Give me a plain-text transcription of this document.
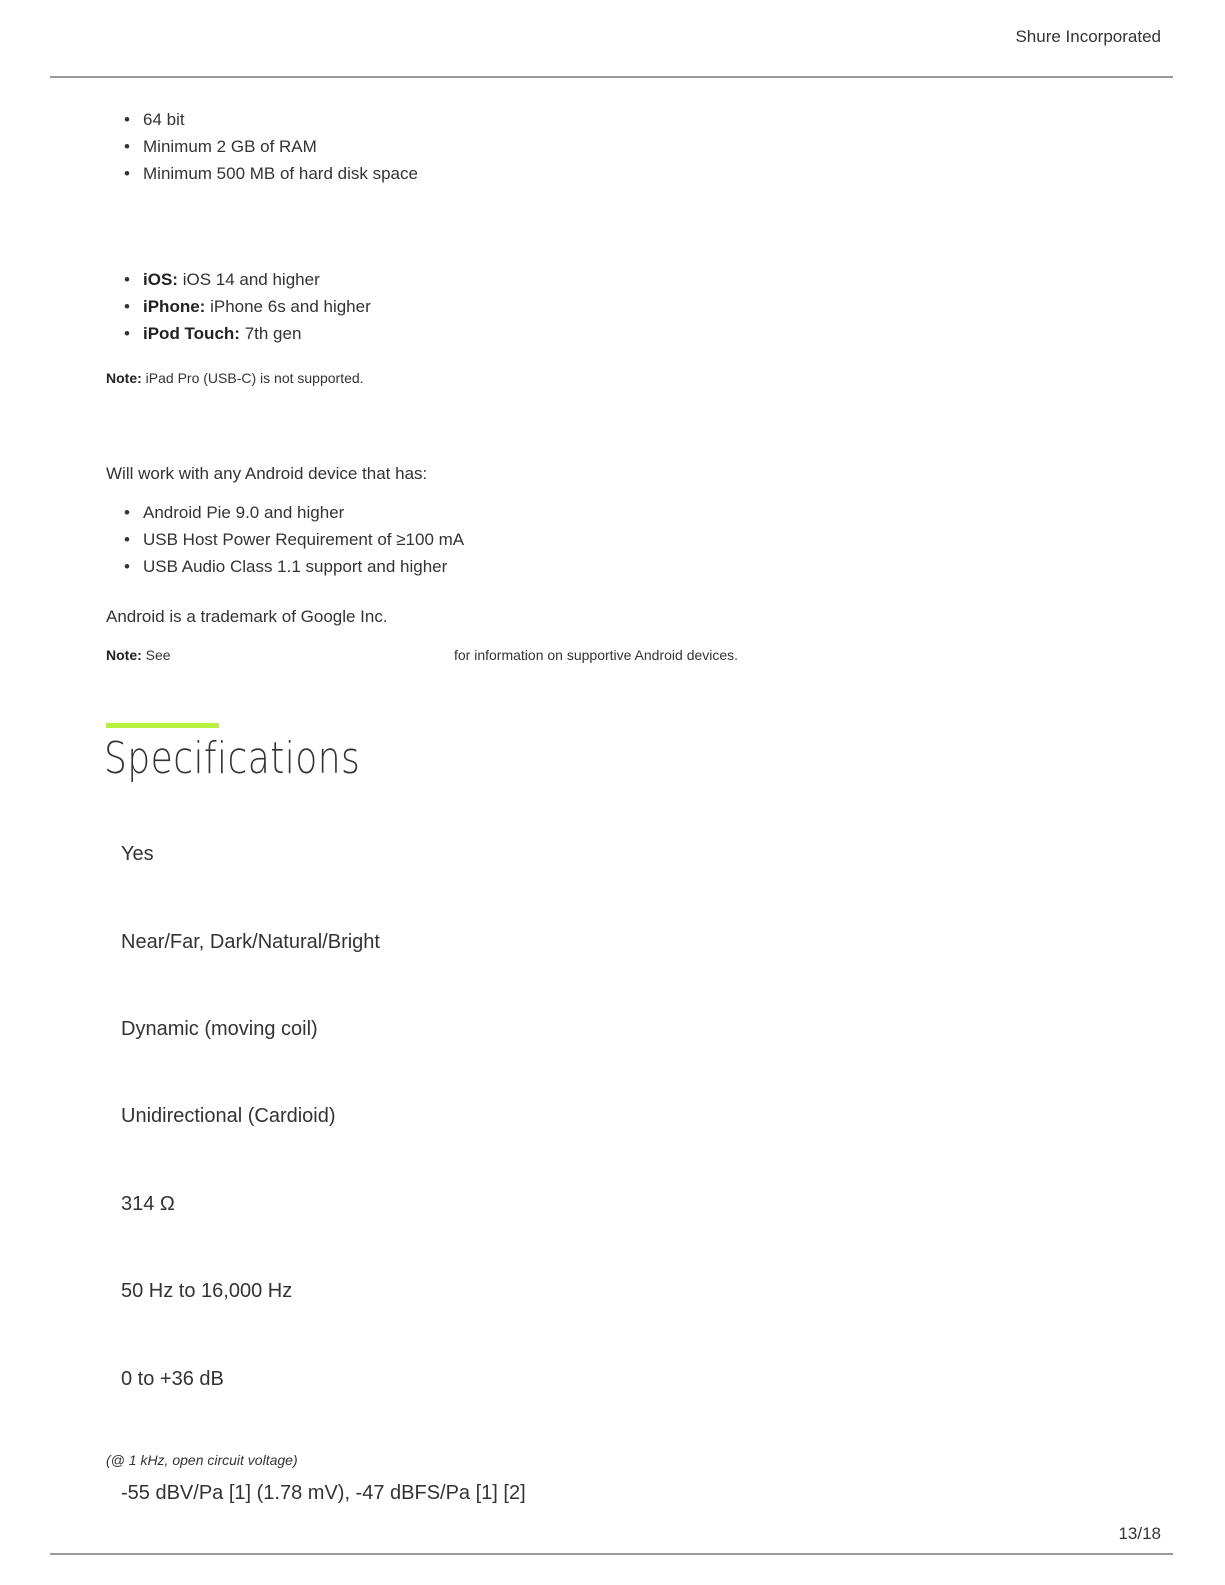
Shure Incorporated
• 64 bit
• Minimum 2 GB of RAM
• Minimum 500 MB of hard disk space
• iOS: iOS 14 and higher
• iPhone: iPhone 6s and higher
• iPod Touch: 7th gen
Note: iPad Pro (USB-C) is not supported.
Will work with any Android device that has:
• Android Pie 9.0 and higher
• USB Host Power Requirement of ≥100 mA
• USB Audio Class 1.1 support and higher
Android is a trademark of Google Inc.
Note: See	for information on supportive Android devices.
Specifications
Yes
Near/Far, Dark/Natural/Bright
Dynamic (moving coil)
Unidirectional (Cardioid)
314 Ω
50 Hz to 16,000 Hz
0 to +36 dB
(@ 1 kHz, open circuit voltage)
-55 dBV/Pa [1] (1.78 mV), -47 dBFS/Pa [1] [2]
13/18
